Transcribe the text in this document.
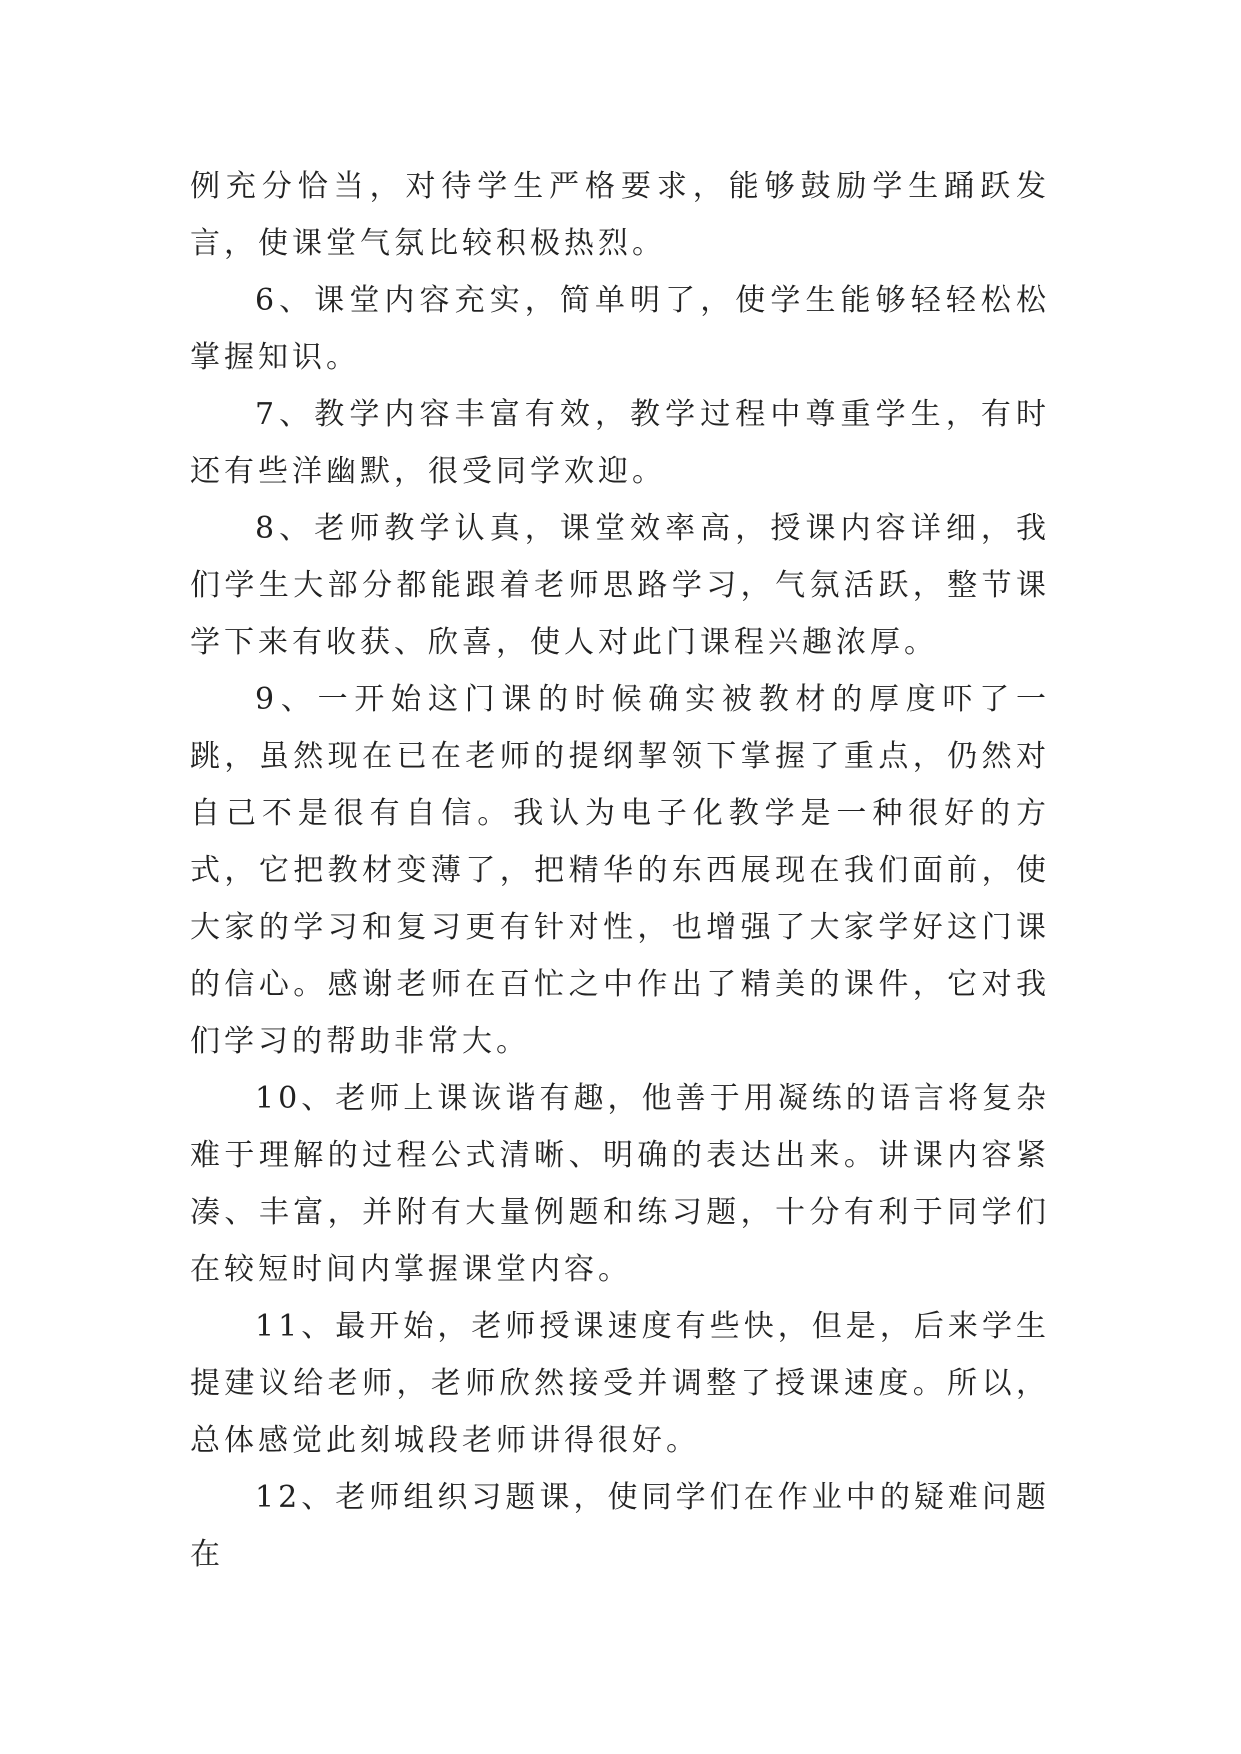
例充分恰当，对待学生严格要求，能够鼓励学生踊跃发言，使课堂气氛比较积极热烈。

6、课堂内容充实，简单明了，使学生能够轻轻松松掌握知识。

7、教学内容丰富有效，教学过程中尊重学生，有时还有些洋幽默，很受同学欢迎。

8、老师教学认真，课堂效率高，授课内容详细，我们学生大部分都能跟着老师思路学习，气氛活跃，整节课学下来有收获、欣喜，使人对此门课程兴趣浓厚。

9、一开始这门课的时候确实被教材的厚度吓了一跳，虽然现在已在老师的提纲挈领下掌握了重点，仍然对自己不是很有自信。我认为电子化教学是一种很好的方式，它把教材变薄了，把精华的东西展现在我们面前，使大家的学习和复习更有针对性，也增强了大家学好这门课的信心。感谢老师在百忙之中作出了精美的课件，它对我们学习的帮助非常大。

10、老师上课诙谐有趣，他善于用凝练的语言将复杂难于理解的过程公式清晰、明确的表达出来。讲课内容紧凑、丰富，并附有大量例题和练习题，十分有利于同学们在较短时间内掌握课堂内容。

11、最开始，老师授课速度有些快，但是，后来学生提建议给老师，老师欣然接受并调整了授课速度。所以，总体感觉此刻城段老师讲得很好。

12、老师组织习题课，使同学们在作业中的疑难问题在
